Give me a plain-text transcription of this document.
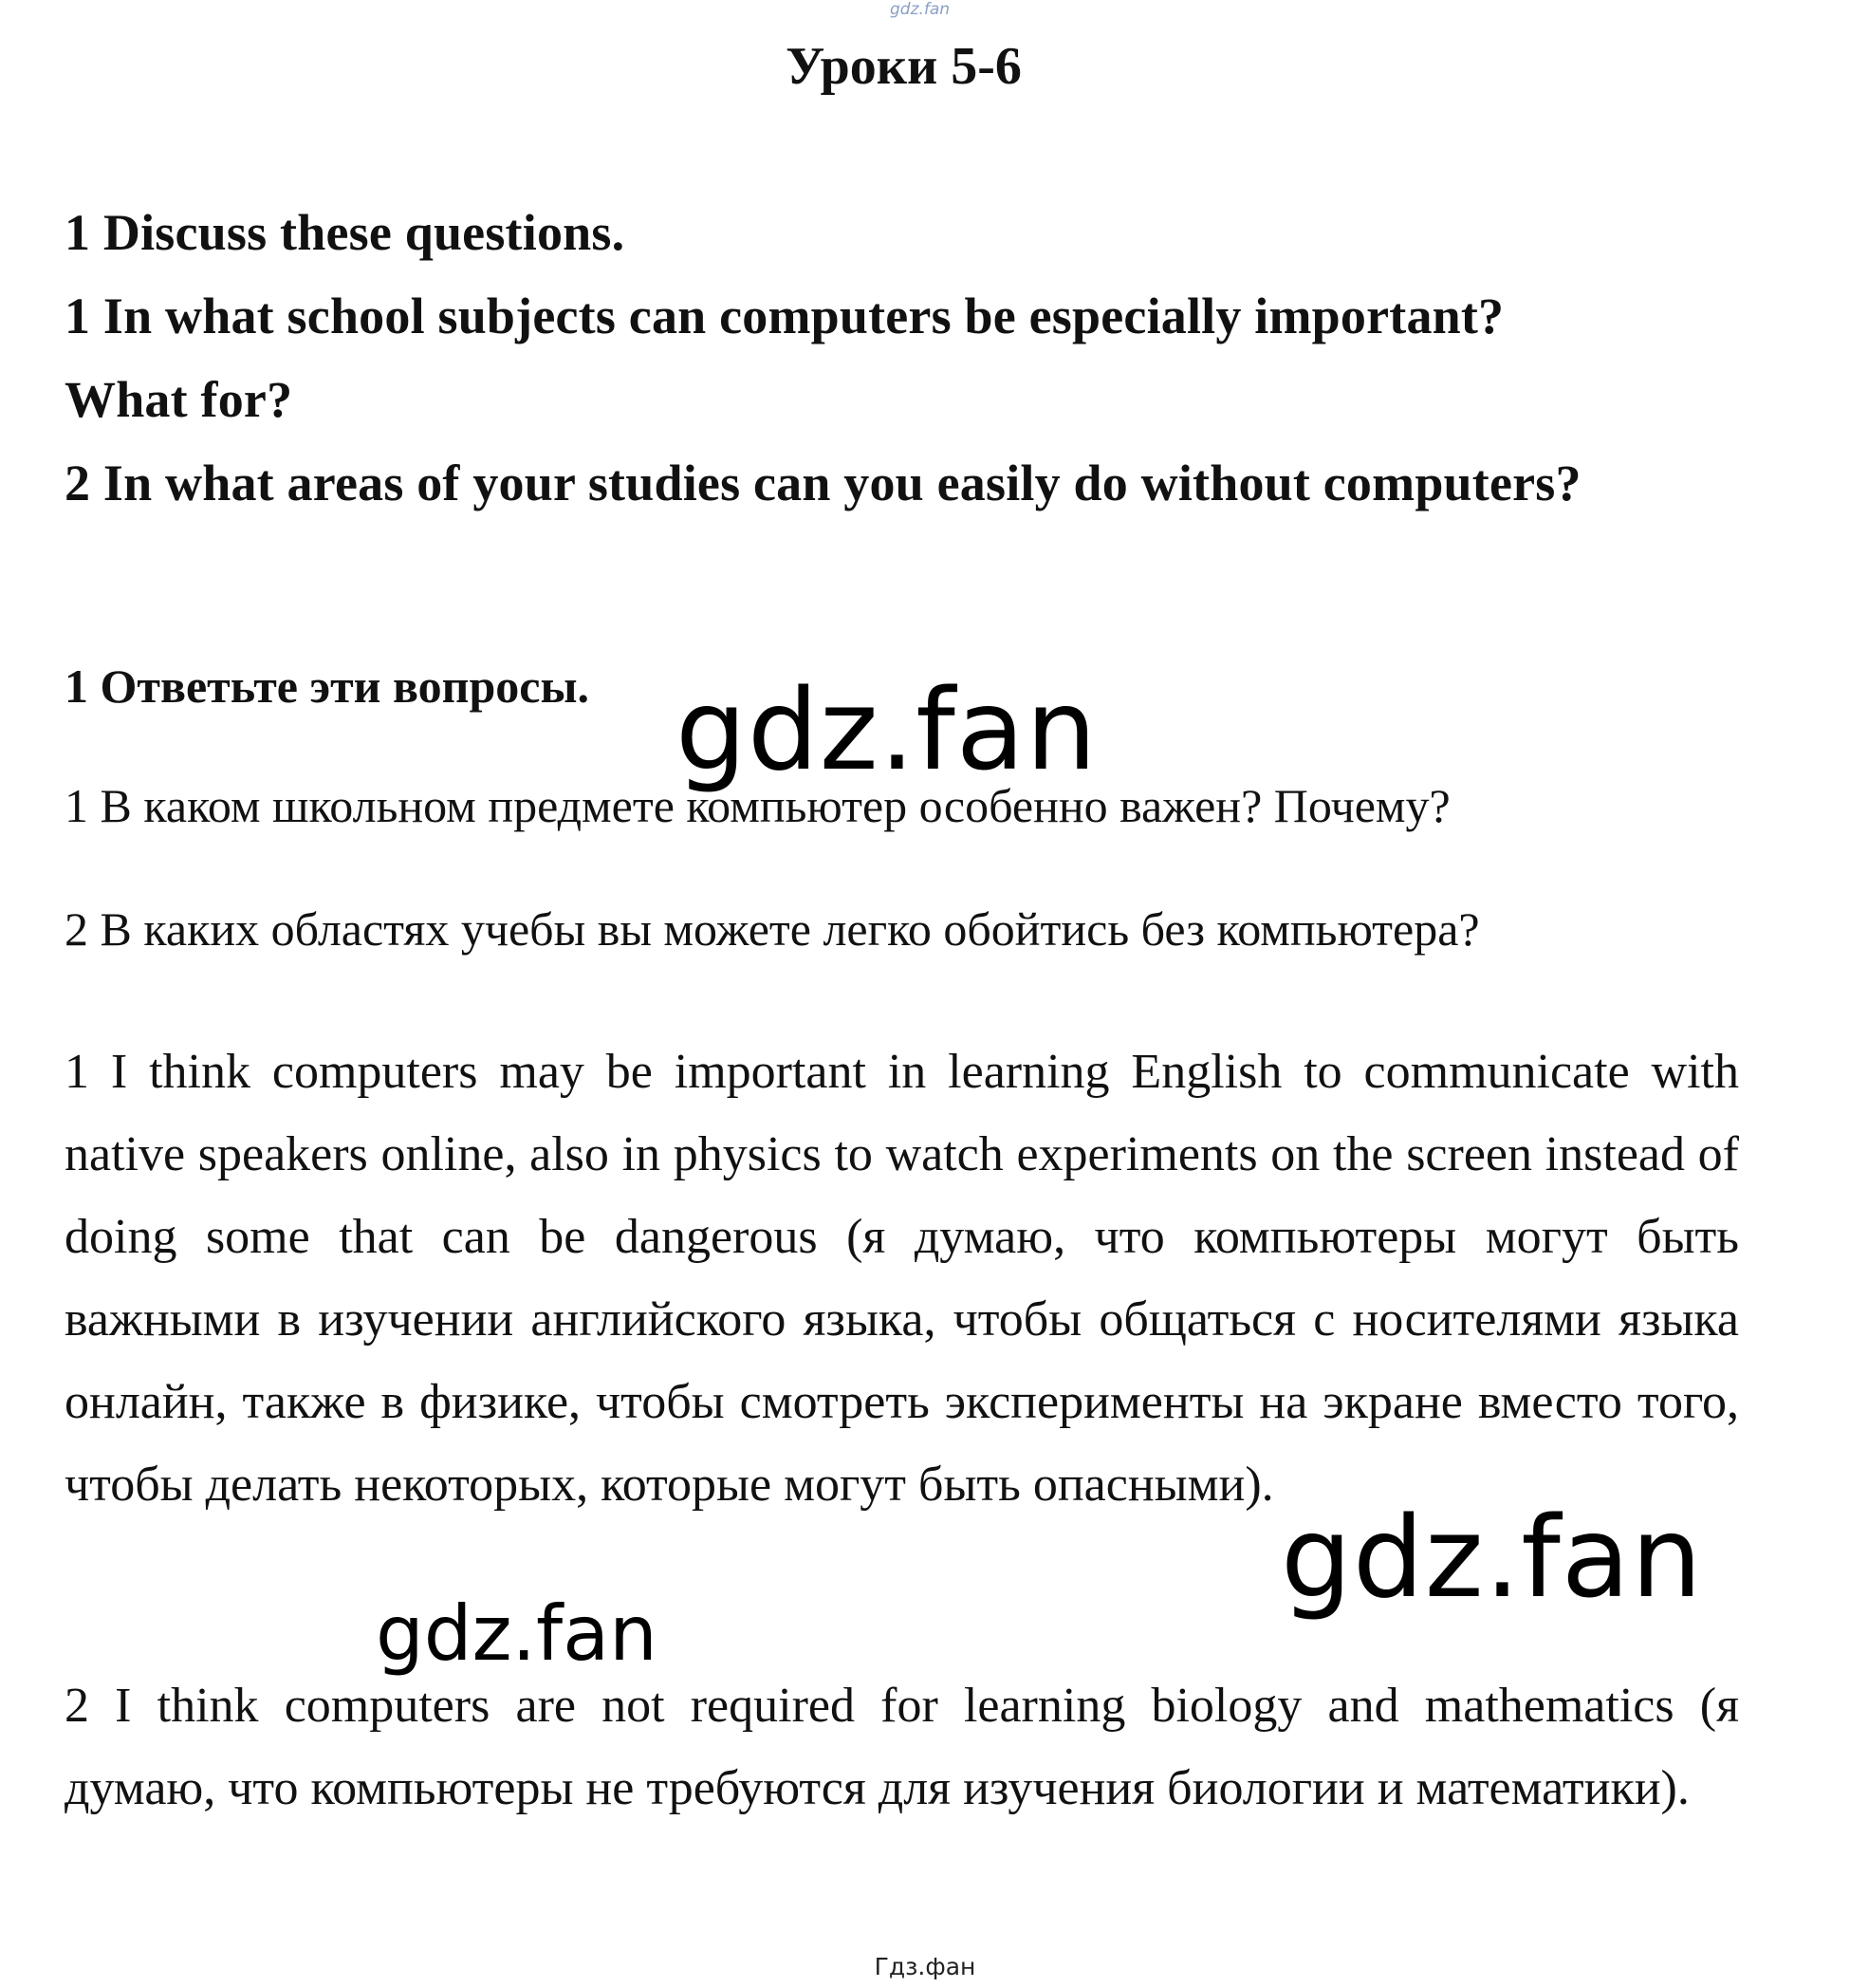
gdz.fan
Уроки 5-6

1 Discuss these questions.

1 In what school subjects can computers be especially important?

What for?

2 In what areas of your studies can you easily do without computers?

1 Ответьте эти вопросы.

1 В каком школьном предмете компьютер особенно важен? Почему?

2 В каких областях учебы вы можете легко обойтись без компьютера?

1 I think computers may be important in learning English to communicate with native speakers online, also in physics to watch experiments on the screen instead of doing some that can be dangerous (я думаю, что компьютеры могут быть важными в изучении английского языка, чтобы общаться с носителями языка онлайн, также в физике, чтобы смотреть эксперименты на экране вместо того, чтобы делать некоторых, которые могут быть опасными).

2 I think computers are not required for learning biology and mathematics (я думаю, что компьютеры не требуются для изучения биологии и математики).

gdz.fan
gdz.fan
gdz.fan
Гдз.фан
